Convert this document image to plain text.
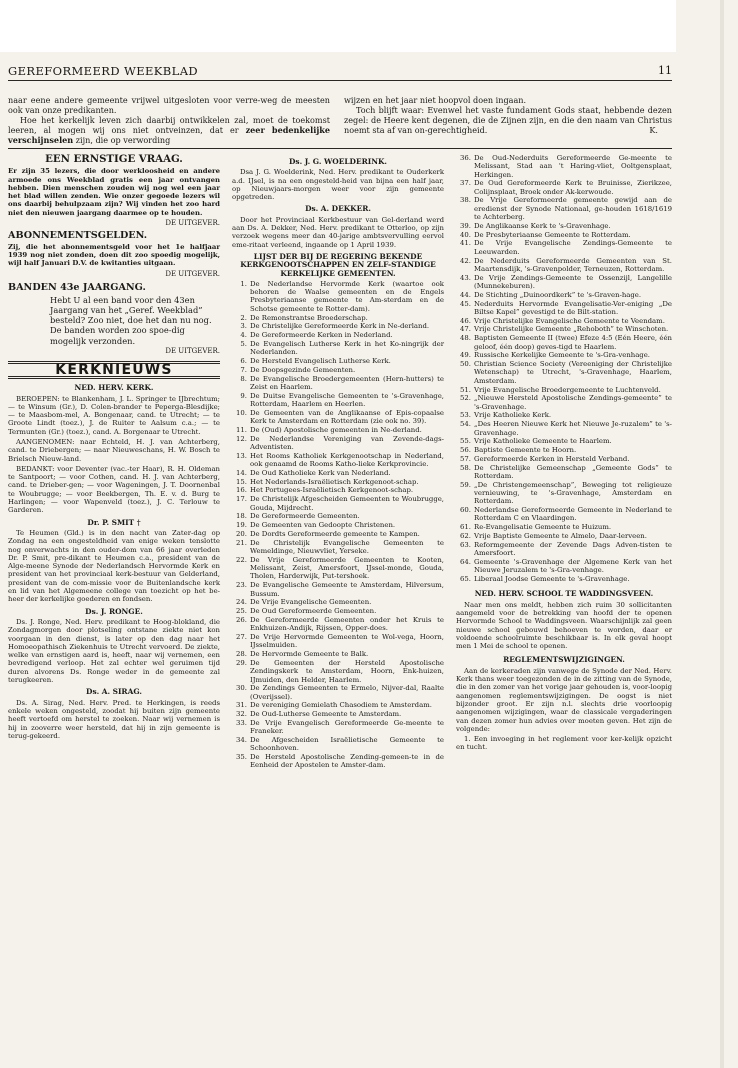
GEREFORMEERD WEEKBLAD	11

naar eene andere gemeente vrijwel uitgesloten voor verre-weg de meesten ook van onze predikanten.

Hoe het kerkelijk leven zich daarbij ontwikkelen zal, moet de toekomst leeren, al mogen wij ons niet ontveinzen, dat er zeer bedenkelijke verschijnselen zijn, die op verwording

wijzen en het jaar niet hoopvol doen ingaan.

Toch blijft waar: Evenwel het vaste fundament Gods staat, hebbende dezen zegel: de Heere kent degenen, die de Zijnen zijn, en die den naam van Christus noemt sta af van on-gerechtigheid.	K.
EEN ERNSTIGE VRAAG.

Er zijn 35 lezers, die door werkloosheid en andere armoede ons Weekblad gratis een jaar ontvangen hebben. Dien menschen zouden wij nog wel een jaar het blad willen zenden. Wie onzer gegoede lezers wil ons daarbij behulpzaam zijn? Wij vinden het zoo hard niet den nieuwen jaargang daarmee op te houden.

DE UITGEVER.
ABONNEMENTSGELDEN.

Zij, die het abonnementsgeld voor het 1e halfjaar 1939 nog niet zonden, doen dit zoo spoedig mogelijk, wijl half Januari D.V. de kwitanties uitgaan.

DE UITGEVER.
BANDEN 43e JAARGANG.
Hebt U al een band voor den 43en Jaargang van het „Geref. Weekblad” besteld? Zoo niet, doe het dan nu nog. De banden worden zoo spoe-dig mogelijk verzonden.
DE UITGEVER.
KERKNIEUWS
NED. HERV. KERK.

BEROEPEN: te Blankenham, J. L. Springer te IJbrechtum; — te Winsum (Gr.), D. Colen-brander te Peperga-Blesdijke; — te Maasbom-mel, A. Bongenaar, cand. te Utrecht; — te Groote Lindt (toez.), J. de Ruiter te Aalsum c.a.; — te Termunten (Gr.) (toez.), cand. A. Borgenaar te Utrecht.

AANGENOMEN: naar Echteld, H. J. van Achterberg, cand. te Driebergen; — naar Nieuweschans, H. W. Bosch te Brielsch Nieuw-land.

BEDANKT: voor Deventer (vac.-ter Haar), R. H. Oldeman te Santpoort; — voor Cothen, cand. H. J. van Achterberg, cand. te Drieber-gen; — voor Wageningen, J. T. Doornenbal te Woubrugge; — voor Beekbergen, Th. E. v. d. Burg te Harlingen; — voor Wapenveld (toez.), J. C. Terlouw te Garderen.

Dr. P. SMIT †

Te Heumen (Gld.) is in den nacht van Zater-dag op Zondag na een ongesteldheid van enige weken tenslotte nog onverwachts in den ouder-dom van 66 jaar overleden Dr. P. Smit, pre-dikant te Heumen c.a., president van de Alge-meene Synode der Nederlandsch Hervormde Kerk en president van het provinciaal kerk-bestuur van Gelderland, president van de com-missie voor de Buitenlandsche kerk en lid van het Algemeene college van toezicht op het be-heer der kerkelijke goederen en fondsen.

Ds. J. RONGE.

Ds. J. Ronge, Ned. Herv. predikant te Hoog-blokland, die Zondagmorgen door plotseling ontstane ziekte niet kon voorgaan in den dienst, is later op den dag naar het Homoeopathisch Ziekenhuis te Utrecht vervoerd. De ziekte, welke van ernstigen aard is, heeft, naar wij vernemen, een bevredigend verloop. Het zal echter wel geruimen tijd duren alvorens Ds. Ronge weder in de gemeente zal terugkeeren.

Ds. A. SIRAG.

Ds. A. Sirag, Ned. Herv. Pred. te Herkingen, is reeds enkele weken ongesteld, zoodat hij buiten zijn gemeente heeft vertoefd om herstel te zoeken. Naar wij vernemen is hij in zooverre weer hersteld, dat hij in zijn gemeente is terug-gekeerd.

Ds. J. G. WOELDERINK.

Dsa J. G. Woelderink, Ned. Herv. predikant te Ouderkerk a.d. IJsel, is na een ongesteld-heid van bijna een half jaar, op Nieuwjaars-morgen weer voor zijn gemeente opgetreden.

Ds. A. DEKKER.

Door het Provinciaal Kerkbestuur van Gel-derland werd aan Ds. A. Dekker, Ned. Herv. predikant te Otterloo, op zijn verzoek wegens meer dan 40-jarige ambtsvervulling eervol eme-ritaat verleend, ingaande op 1 April 1939.

LIJST DER BIJ DE REGERING BEKENDE KERKGENOOTSCHAPPEN EN ZELF-STANDIGE KERKELIJKE GEMEENTEN.
1. De Nederlandse Hervormde Kerk (waartoe ook behoren de Waalse gemeenten en de Engels Presbyteriaanse gemeente te Am-sterdam en de Schotse gemeente te Rotter-dam).
2. De Remonstrantse Broederschap.
3. De Christelijke Gereformeerde Kerk in Ne-derland.
4. De Gereformeerde Kerken in Nederland.
5. De Evangelisch Lutherse Kerk in het Ko-ningrijk der Nederlanden.
6. De Hersteld Evangelisch Lutherse Kerk.
7. De Doopsgezinde Gemeenten.
8. De Evangelische Broedergemeenten (Hern-hutters) te Zeist en Haarlem.
9. De Duitse Evangelische Gemeenten te 's-Gravenhage, Rotterdam, Haarlem en Heerlen.
10. De Gemeenten van de Anglikaanse of Epis-copaalse Kerk te Amsterdam en Rotterdam (zie ook no. 39).
11. De (Oud) Apostolische gemeenten in Ne-derland.
12. De Nederlandse Vereniging van Zevende-dags-Adventisten.
13. Het Rooms Katholiek Kerkgenootschap in Nederland, ook genaamd de Rooms Katho-lieke Kerkprovincie.
14. De Oud Katholieke Kerk van Nederland.
15. Het Nederlands-Israëlietisch Kerkgenoot-schap.
16. Het Portugees-Israëlietisch Kerkgenoot-schap.
17. De Christelijk Afgescheiden Gemeenten te Woubrugge, Gouda, Mijdrecht.
18. De Gereformeerde Gemeenten.
19. De Gemeenten van Gedoopte Christenen.
20. De Dordts Gereformeerde gemeente te Kampen.
21. De Christelijk Evangelische Gemeenten te Wemeldinge, Nieuwvliet, Yerseke.
22. De Vrije Gereformeerde Gemeenten te Kooten, Melissant, Zeist, Amersfoort, IJssel-monde, Gouda, Tholen, Harderwijk, Put-tershoek.
23. De Evangelische Gemeente te Amsterdam, Hilversum, Bussum.
24. De Vrije Evangelische Gemeenten.
25. De Oud Gereformeerde Gemeenten.
26. De Gereformeerde Gemeenten onder het Kruis te Enkhuizen-Andijk, Rijssen, Opper-does.
27. De Vrije Hervormde Gemeenten te Wol-vega, Hoorn, IJsselmuiden.
28. De Hervormde Gemeente te Balk.
29. De Gemeenten der Hersteld Apostolische Zendingskerk te Amsterdam, Hoorn, Enk-huizen, IJmuiden, den Helder, Haarlem.
30. De Zendings Gemeenten te Ermelo, Nijver-dal, Raalte (Overijssel).
31. De vereniging Gemielath Chasodiem te Amsterdam.
32. De Oud-Lutherse Gemeente te Amsterdam.
33. De Vrije Evangelisch Gereformeerde Ge-meente te Franeker.
34. De Afgescheiden Israëlietische Gemeente te Schoonhoven.
35. De Hersteld Apostolische Zending-gemeen-te in de Eenheid der Apostelen te Amster-dam.
36. De Oud-Nederduits Gereformeerde Ge-meente te Melissant, Stad aan 't Haring-vliet, Ooltgensplaat, Herkingen.
37. De Oud Gereformeerde Kerk te Bruinisse, Zierikzee, Colijnsplaat, Broek onder Ak-kerwoude.
38. De Vrije Gereformeerde gemeente gewijd aan de eredienst der Synode Nationaal, ge-houden 1618/1619 te Achterberg.
39. De Anglikaanse Kerk te 's-Gravenhage.
40. De Presbyteriaanse Gemeente te Rotterdam.
41. De Vrije Evangelische Zendings-Gemeente te Leeuwarden.
42. De Nederduits Gereformeerde Gemeenten van St. Maartensdijk, 's-Gravenpolder, Terneuzen, Rotterdam.
43. De Vrije Zendings-Gemeente te Ossenzijl, Langelille (Munnekeburen).
44. De Stichting „Duinoordkerk” te 's-Graven-hage.
45. Nederduits Hervormde Evangelisatie-Ver-eniging „De Biltse Kapel” gevestigd te de Bilt-station.
46. Vrije Christelijke Evangelische Gemeente te Veendam.
47. Vrije Christelijke Gemeente „Rehoboth” te Winschoten.
48. Baptisten Gemeente II (twee) Efeze 4:5 (Eén Heere, één geloof, één doop) geves-tigd te Haarlem.
49. Russische Kerkelijke Gemeente te 's-Gra-venhage.
50. Christian Science Society (Vereeniging der Christelijke Wetenschap) te Utrecht, 's-Gravenhage, Haarlem, Amsterdam.
51. Vrije Evangelische Broedergemeente te Luchtenveld.
52. „Nieuwe Hersteld Apostolische Zendings-gemeente” te 's-Gravenhage.
53. Vrije Katholieke Kerk.
54. „Des Heeren Nieuwe Kerk het Nieuwe Je-ruzalem” te 's-Gravenhage.
55. Vrije Katholieke Gemeente te Haarlem.
56. Baptiste Gemeente te Hoorn.
57. Gereformeerde Kerken in Hersteld Verband.
58. De Christelijke Gemeenschap „Gemeente Gods” te Rotterdam.
59. „De Christengemeenschap”, Beweging tot religieuze vernieuwing, te 's-Gravenhage, Amsterdam en Rotterdam.
60. Nederlandse Gereformeerde Gemeente in Nederland te Rotterdam C en Vlaardingen.
61. Re-Evangelisatie Gemeente te Huizum.
62. Vrije Baptiste Gemeente te Almelo, Daar-lerveen.
63. Reformgemeente der Zevende Dags Adven-tisten te Amersfoort.
64. Gemeente 's-Gravenhage der Algemene Kerk van het Nieuwe Jeruzalem te 's-Gra-venhage.
65. Liberaal Joodse Gemeente te 's-Gravenhage.
NED. HERV. SCHOOL TE WADDINGSVEEN.

Naar men ons meldt, hebben zich ruim 30 sollicitanten aangemeld voor de betrekking van hoofd der te openen Hervormde School te Waddingsveen. Waarschijnlijk zal geen nieuwe school gebouwd behoeven te worden, daar er voldoende schoolruimte beschikbaar is. In elk geval hoopt men 1 Mei de school te openen.

REGLEMENTSWIJZIGINGEN.

Aan de kerkeraden zijn vanwege de Synode der Ned. Herv. Kerk thans weer toegezonden de in de zitting van de Synode, die in den zomer van het vorige jaar gehouden is, voor-loopig aangenomen reglementswijzigingen. De oogst is niet bijzonder groot. Er zijn n.l. slechts drie voorloopig aangenomen wijzigingen, waar de classicale vergaderingen van dezen zomer hun advies over moeten geven. Het zijn de volgende:

1. Een invoeging in het reglement voor ker-kelijk opzicht en tucht.
